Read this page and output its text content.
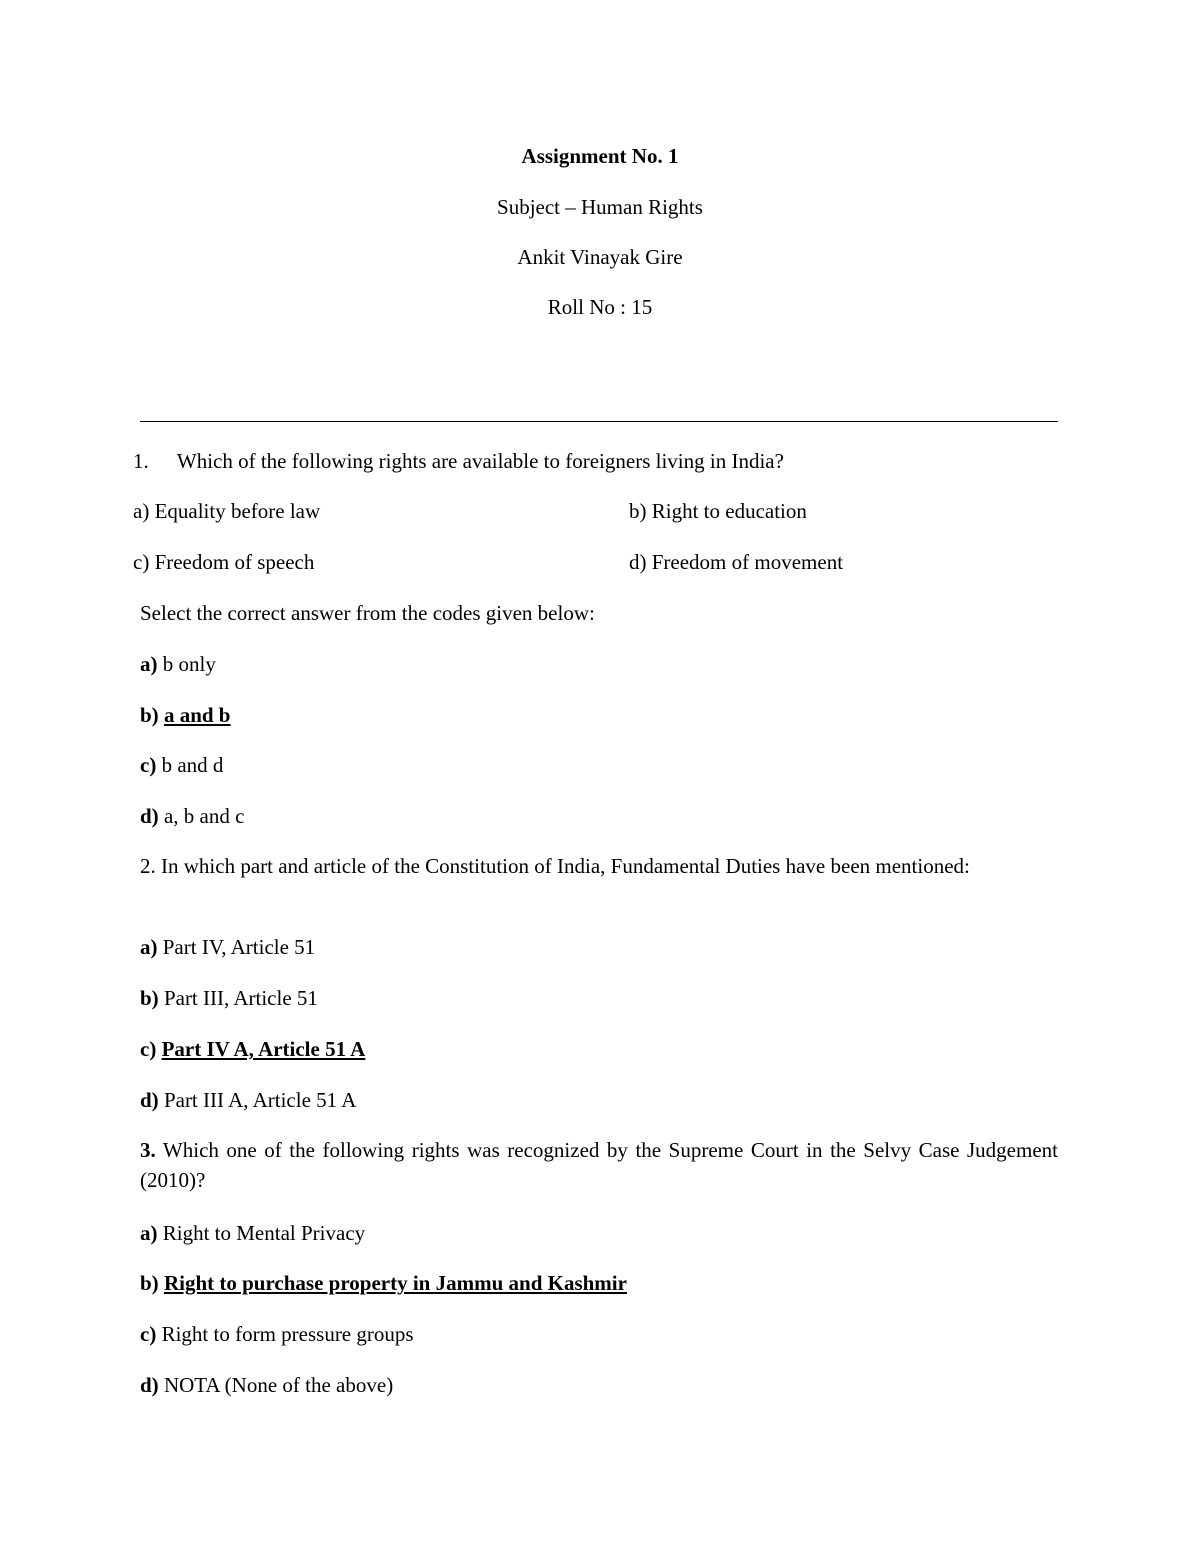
Assignment No. 1
Subject – Human Rights
Ankit Vinayak Gire
Roll No : 15
1. Which of the following rights are available to foreigners living in India?
a) Equality before law	b) Right to education
c) Freedom of speech	d) Freedom of movement
Select the correct answer from the codes given below:
a) b only
b) a and b
c) b and d
d) a, b and c
2. In which part and article of the Constitution of India, Fundamental Duties have been mentioned:
a) Part IV, Article 51
b) Part III, Article 51
c) Part IV A, Article 51 A
d) Part III A, Article 51 A
3. Which one of the following rights was recognized by the Supreme Court in the Selvy Case Judgement (2010)?
a) Right to Mental Privacy
b) Right to purchase property in Jammu and Kashmir
c) Right to form pressure groups
d) NOTA (None of the above)
